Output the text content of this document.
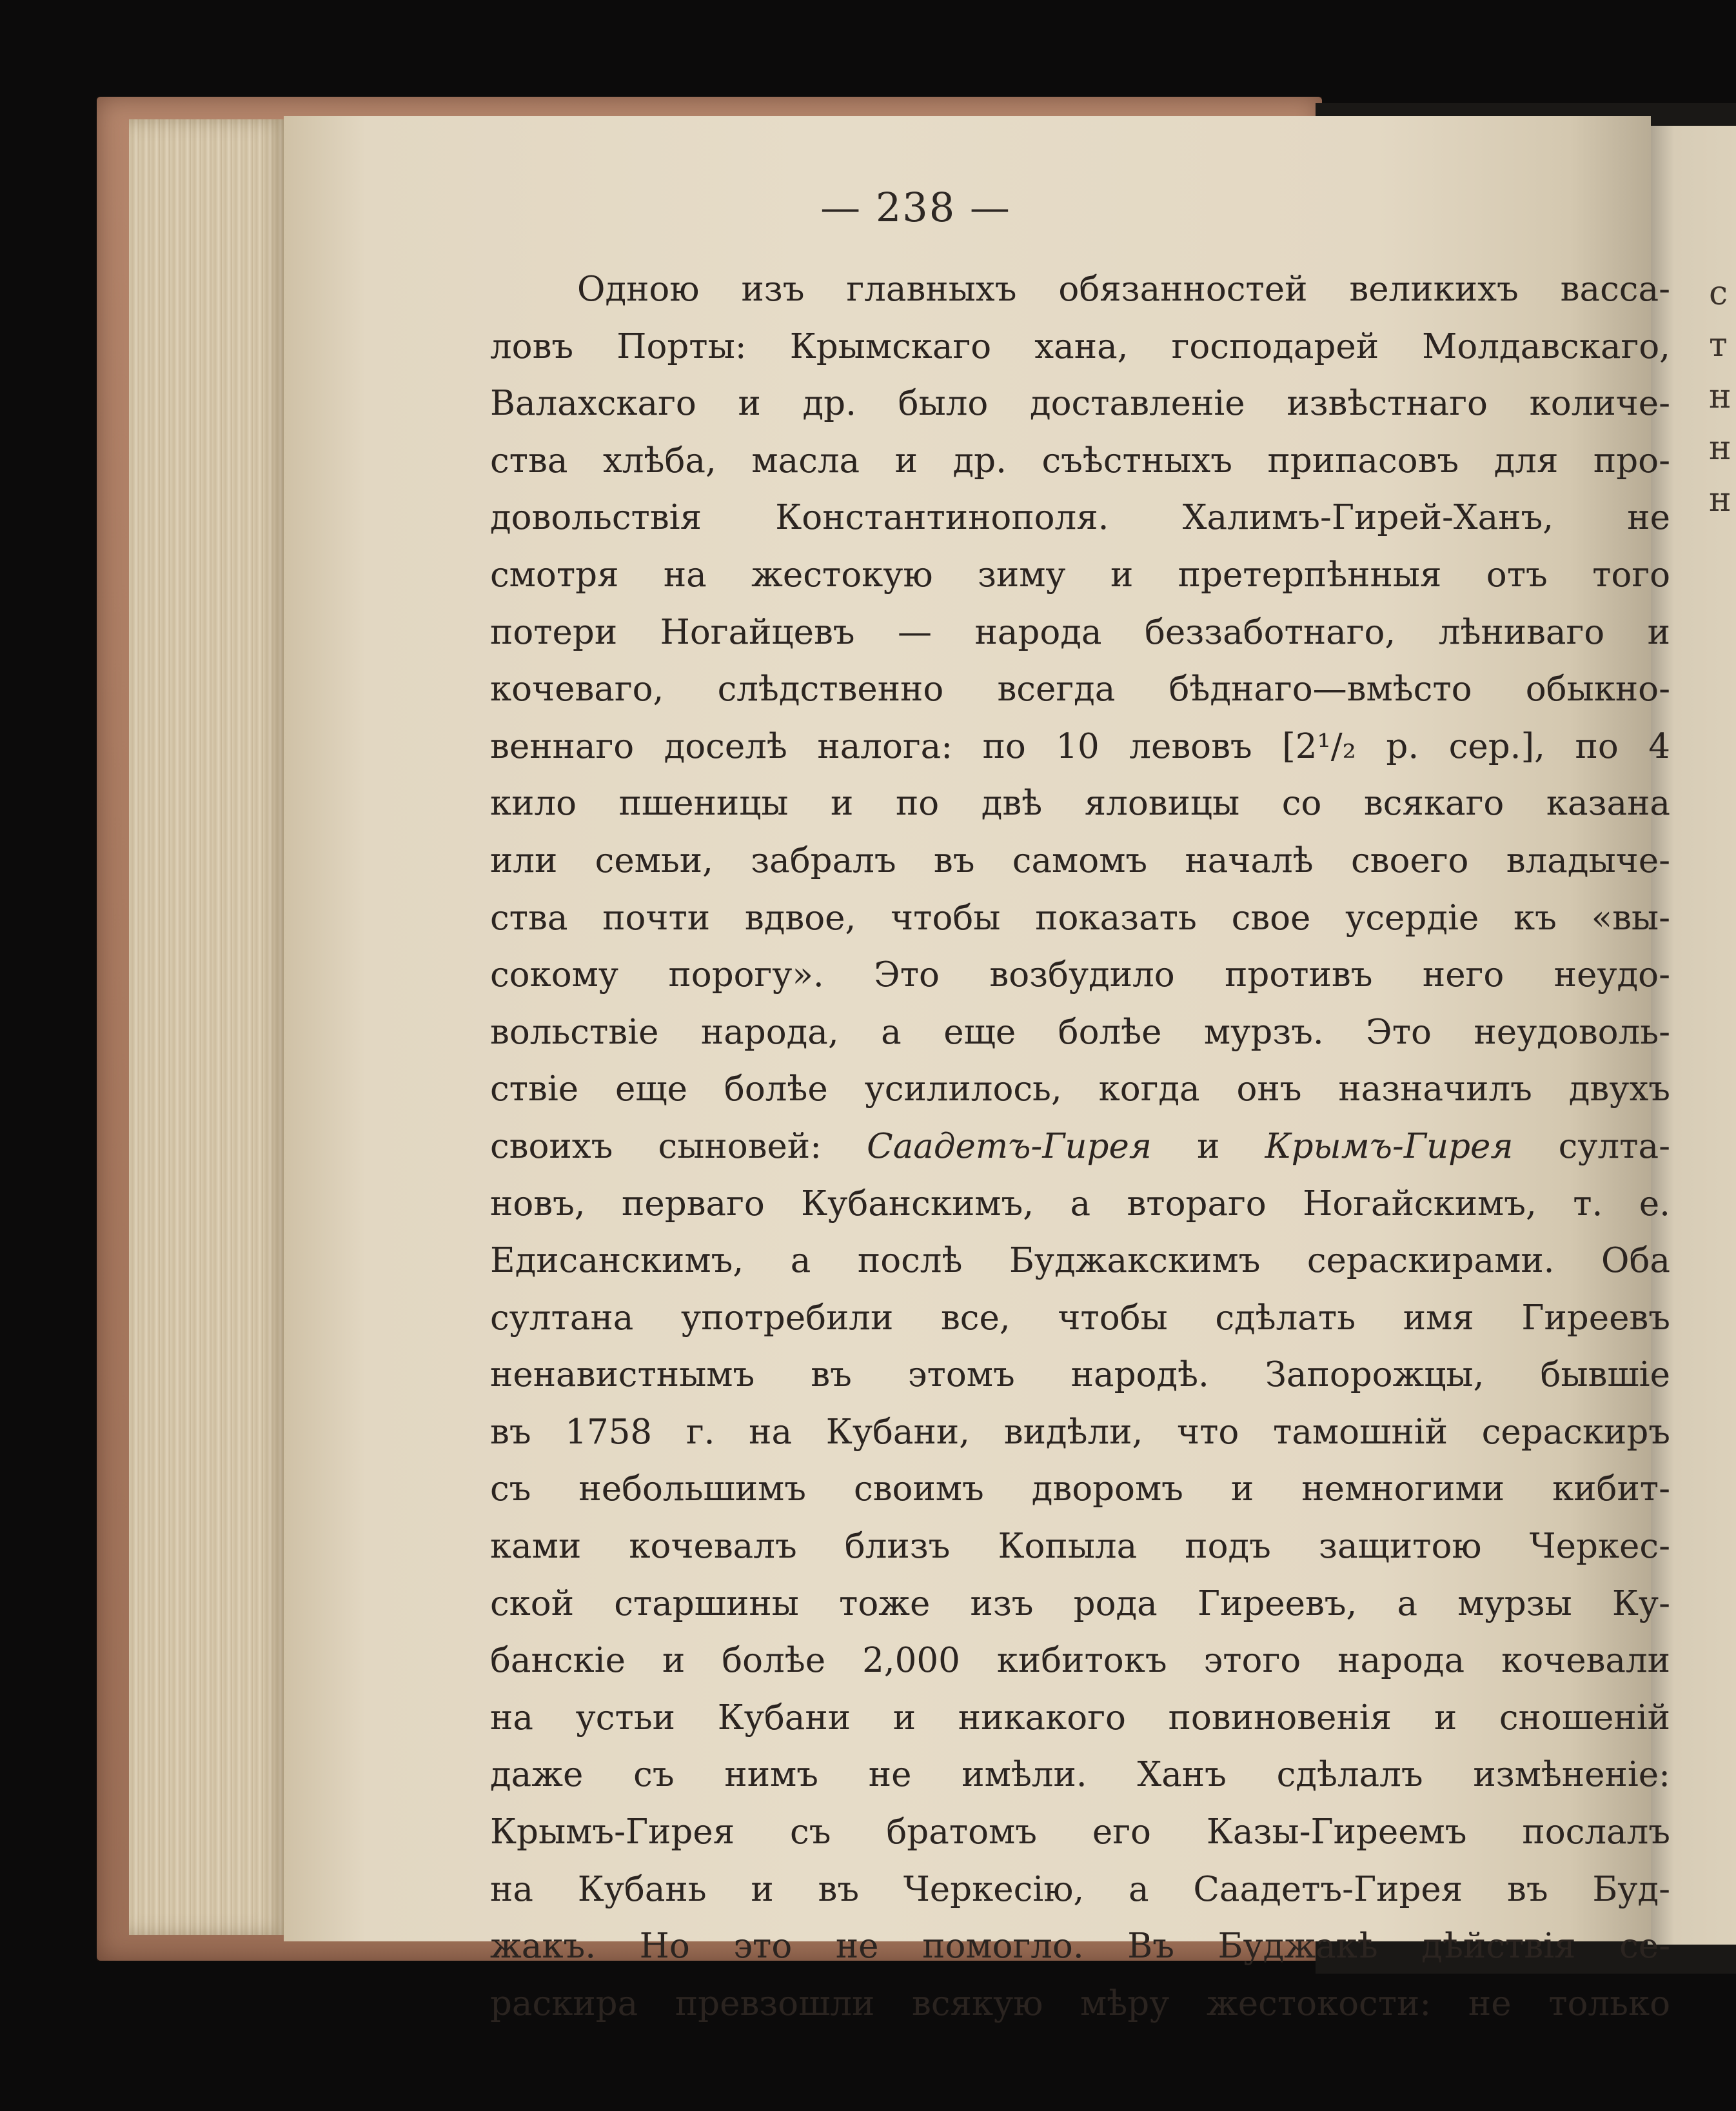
с
т
н
н
н
— 238 —
Одною изъ главныхъ обязанностей великихъ васса-
ловъ Порты: Крымскаго хана, господарей Молдавскаго,
Валахскаго и др. было доставленіе извѣстнаго количе-
ства хлѣба, масла и др. съѣстныхъ припасовъ для про-
довольствія Константинополя. Халимъ-Гирей-Ханъ, не
смотря на жестокую зиму и претерпѣнныя отъ того
потери Ногайцевъ — народа беззаботнаго, лѣниваго и
кочеваго, слѣдственно всегда бѣднаго—вмѣсто обыкно-
веннаго доселѣ налога: по 10 левовъ [2¹/₂ р. сер.], по 4
кило пшеницы и по двѣ яловицы со всякаго казана
или семьи, забралъ въ самомъ началѣ своего владыче-
ства почти вдвое, чтобы показать свое усердіе къ «вы-
сокому порогу». Это возбудило противъ него неудо-
вольствіе народа, а еще болѣе мурзъ. Это неудоволь-
ствіе еще болѣе усилилось, когда онъ назначилъ двухъ
своихъ сыновей: Саадетъ-Гирея и Крымъ-Гирея султа-
новъ, перваго Кубанскимъ, а втораго Ногайскимъ, т. е.
Едисанскимъ, а послѣ Буджакскимъ сераскирами. Оба
султана употребили все, чтобы сдѣлать имя Гиреевъ
ненавистнымъ въ этомъ народѣ. Запорожцы, бывшіе
въ 1758 г. на Кубани, видѣли, что тамошній сераскиръ
съ небольшимъ своимъ дворомъ и немногими кибит-
ками кочевалъ близъ Копыла подъ защитою Черкес-
ской старшины тоже изъ рода Гиреевъ, а мурзы Ку-
банскіе и болѣе 2,000 кибитокъ этого народа кочевали
на устьи Кубани и никакого повиновенія и сношеній
даже съ нимъ не имѣли. Ханъ сдѣлалъ измѣненіе:
Крымъ-Гирея съ братомъ его Казы-Гиреемъ послалъ
на Кубань и въ Черкесію, а Саадетъ-Гирея въ Буд-
жакъ. Но это не помогло. Въ Буджакѣ дѣйствія се-
раскира превзошли всякую мѣру жестокости: не только
